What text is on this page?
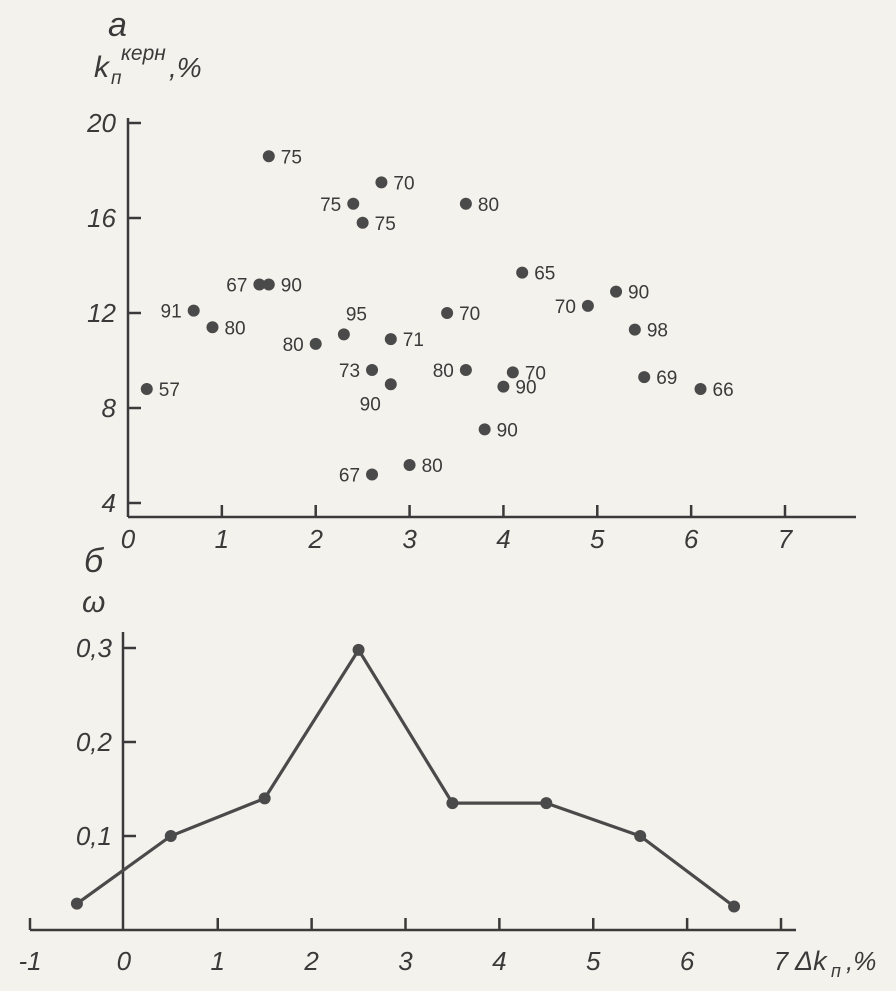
а
k п
керн ,%
4
8
12
16
20
0	1	2	3	4	5	6	7
57
91
80
67 90
75
80
95
75
75
73
67
70
71
90
80
70
80
80
90
90
70
65
70
90
98
69
66
б
ω
Δk п ,%
0,1
0,2
0,3
-1	0	1	2	3	4	5	6	7
